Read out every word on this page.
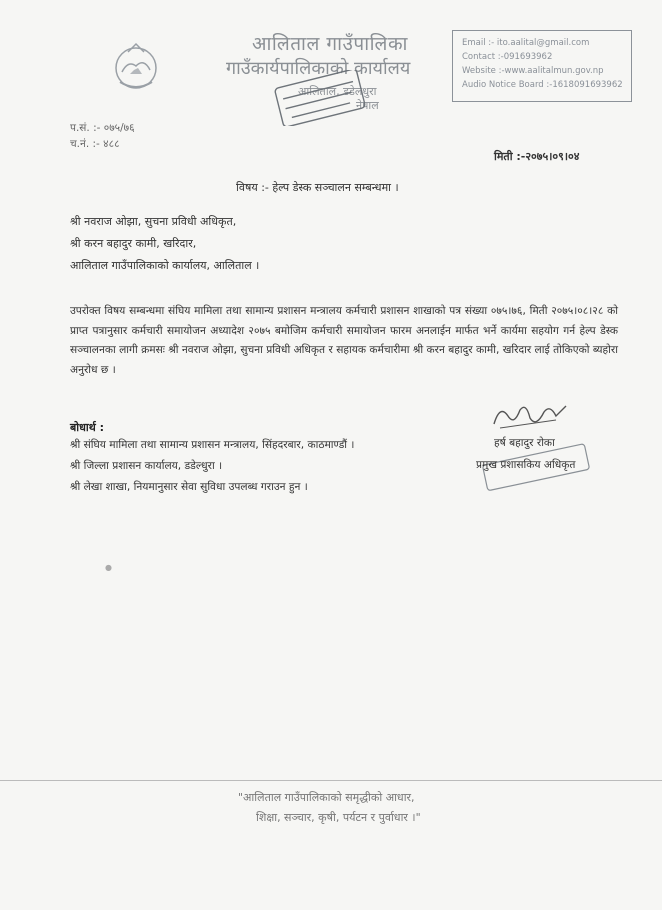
आलिताल गाउँपालिका
गाउँकार्यपालिकाको कार्यालय
आलिताल, डडेलधुरा
नेपाल
Email :- ito.aalital@gmail.com
Contact :-091693962
Website :-www.aalitalmun.gov.np
Audio Notice Board :-1618091693962
प.सं. :- ०७५/७६
च.नं. :- ४८८
मिती :-२०७५।०९।०४
विषय :- हेल्प डेस्क सञ्चालन सम्बन्धमा ।
श्री नवराज ओझा, सुचना प्रविधी अधिकृत,
श्री करन बहादुर कामी, खरिदार,
आलिताल गाउँपालिकाको कार्यालय, आलिताल ।
उपरोक्त विषय सम्बन्धमा संघिय मामिला तथा सामान्य प्रशासन मन्त्रालय कर्मचारी प्रशासन शाखाको पत्र संख्या ०७५।७६, मिती २०७५।०८।२८ को प्राप्त पत्रानुसार कर्मचारी समायोजन अध्यादेश २०७५ बमोजिम कर्मचारी समायोजन फारम अनलाईन मार्फत भर्ने कार्यमा सहयोग गर्न हेल्प डेस्क सञ्चालनका लागी क्रमसः श्री नवराज ओझा, सुचना प्रविधी अधिकृत र सहायक कर्मचारीमा श्री करन बहादुर कामी, खरिदार लाई तोकिएको ब्यहोरा अनुरोध छ ।
हर्ष बहादुर रोका
प्रमुख प्रशासकिय अधिकृत
बोधार्थ :
श्री संघिय मामिला तथा सामान्य प्रशासन मन्त्रालय, सिंहदरबार, काठमाण्डौं ।
श्री जिल्ला प्रशासन कार्यालय, डडेल्धुरा ।
श्री लेखा शाखा, नियमानुसार सेवा सुविधा उपलब्ध गराउन हुन ।
●
"आलिताल गाउँपालिकाको समृद्धीको आधार,
शिक्षा, सञ्चार, कृषी, पर्यटन र पुर्वाधार ।"
